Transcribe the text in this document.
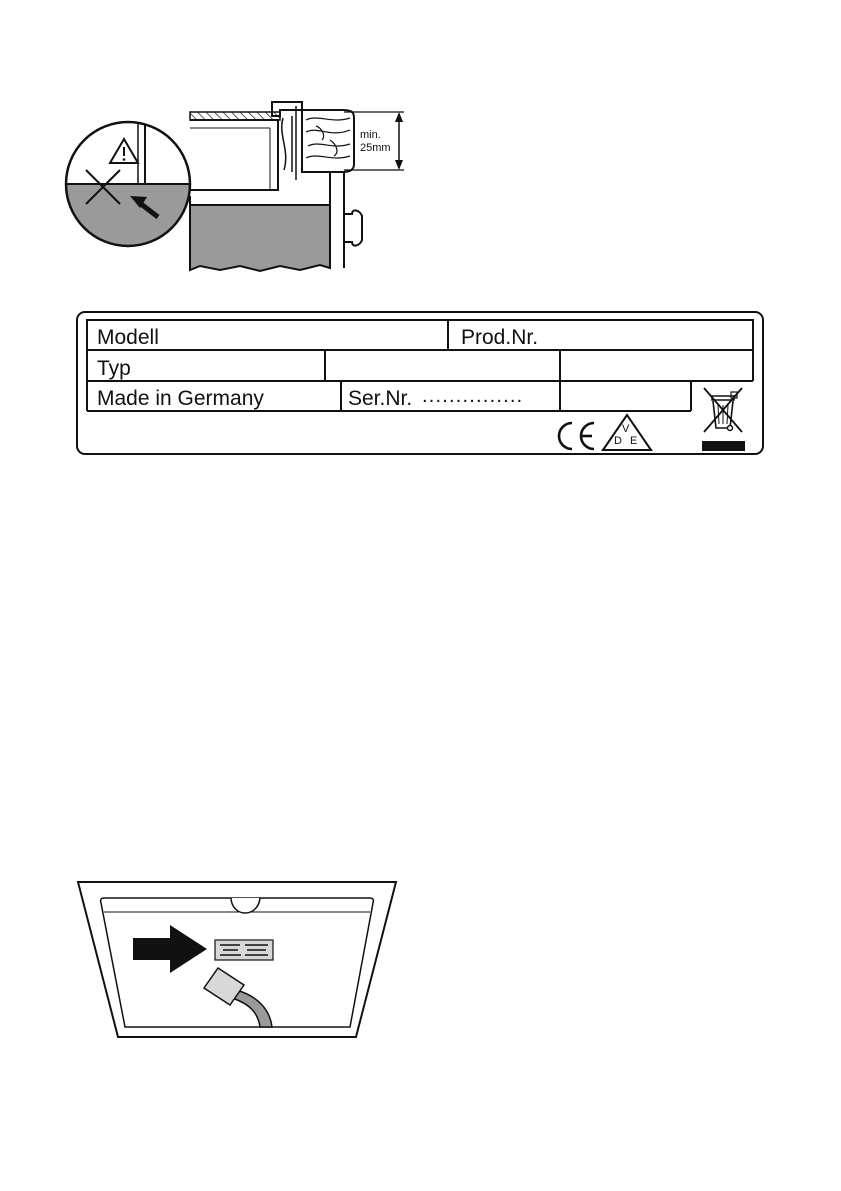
min.
25mm
Modell	Prod.Nr.
Typ
Made in Germany	Ser.Nr. ...............
CE
V
D E
